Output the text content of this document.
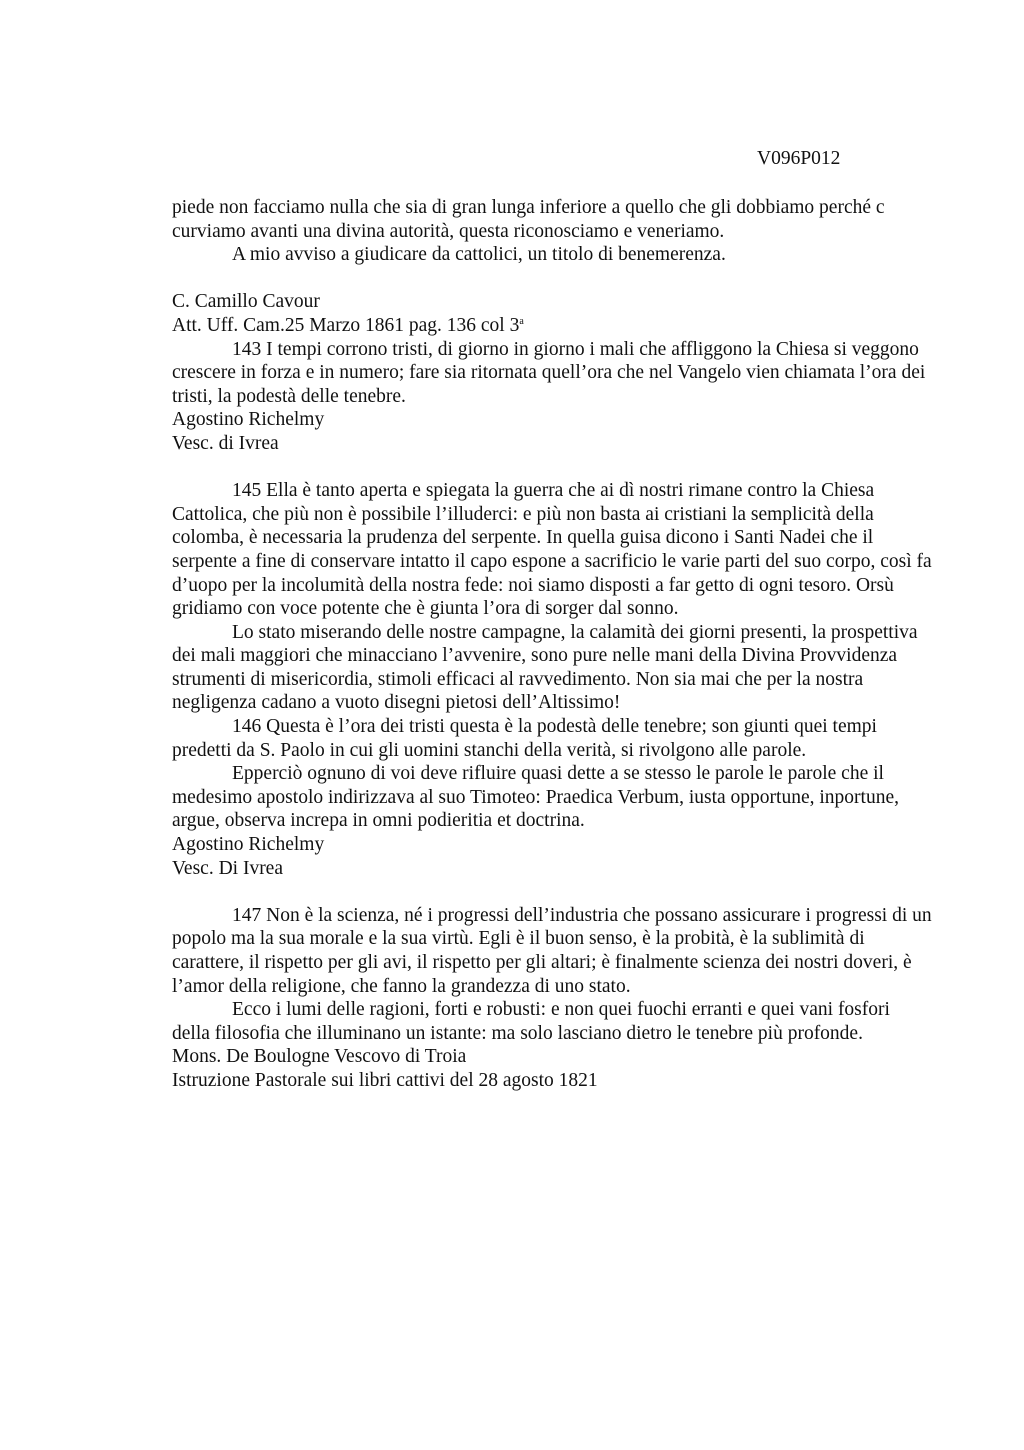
V096P012

piede non facciamo nulla che sia di gran lunga inferiore a quello che gli dobbiamo perché c
curviamo avanti una divina autorità, questa riconosciamo e veneriamo.

A mio avviso a giudicare da cattolici, un titolo di benemerenza.

C. Camillo Cavour

Att. Uff. Cam.25 Marzo 1861 pag. 136 col 3$^a$

143 I tempi corrono tristi, di giorno in giorno i mali che affliggono la Chiesa si veggono crescere in forza e in numero; fare sia ritornata quell’ora che nel Vangelo vien chiamata l’ora dei tristi, la podestà delle tenebre.

Agostino Richelmy

Vesc. di Ivrea

145 Ella è tanto aperta e spiegata la guerra che ai dì nostri rimane contro la Chiesa Cattolica, che più non è possibile l’illuderci: e più non basta ai cristiani la semplicità della colomba, è necessaria la prudenza del serpente. In quella guisa dicono i Santi Nadei che il serpente a fine di conservare intatto il capo espone a sacrificio le varie parti del suo corpo, così fa d’uopo per la incolumità della nostra fede: noi siamo disposti a far getto di ogni tesoro. Orsù gridiamo con voce potente che è giunta l’ora di sorger dal sonno.

Lo stato miserando delle nostre campagne, la calamità dei giorni presenti, la prospettiva dei mali maggiori che minacciano l’avvenire, sono pure nelle mani della Divina Provvidenza strumenti di misericordia, stimoli efficaci al ravvedimento. Non sia mai che per la nostra negligenza cadano a vuoto disegni pietosi dell’Altissimo!

146 Questa è l’ora dei tristi questa è la podestà delle tenebre; son giunti quei tempi predetti da S. Paolo in cui gli uomini stanchi della verità, si rivolgono alle parole.

Epperciò ognuno di voi deve rifluire quasi dette a se stesso le parole le parole che il medesimo apostolo indirizzava al suo Timoteo: Praedica Verbum, iusta opportune, inportune, argue, observa increpa in omni podieritia et doctrina.

Agostino Richelmy

Vesc. Di Ivrea

147 Non è la scienza, né i progressi dell’industria che possano assicurare i progressi di un popolo ma la sua morale e la sua virtù. Egli è il buon senso, è la probità, è la sublimità di carattere, il rispetto per gli avi, il rispetto per gli altari; è finalmente scienza dei nostri doveri, è l’amor della religione, che fanno la grandezza di uno stato.

Ecco i lumi delle ragioni, forti e robusti: e non quei fuochi erranti e quei vani fosfori della filosofia che illuminano un istante: ma solo lasciano dietro le tenebre più profonde.

Mons. De Boulogne Vescovo di Troia

Istruzione Pastorale sui libri cattivi del 28 agosto 1821
